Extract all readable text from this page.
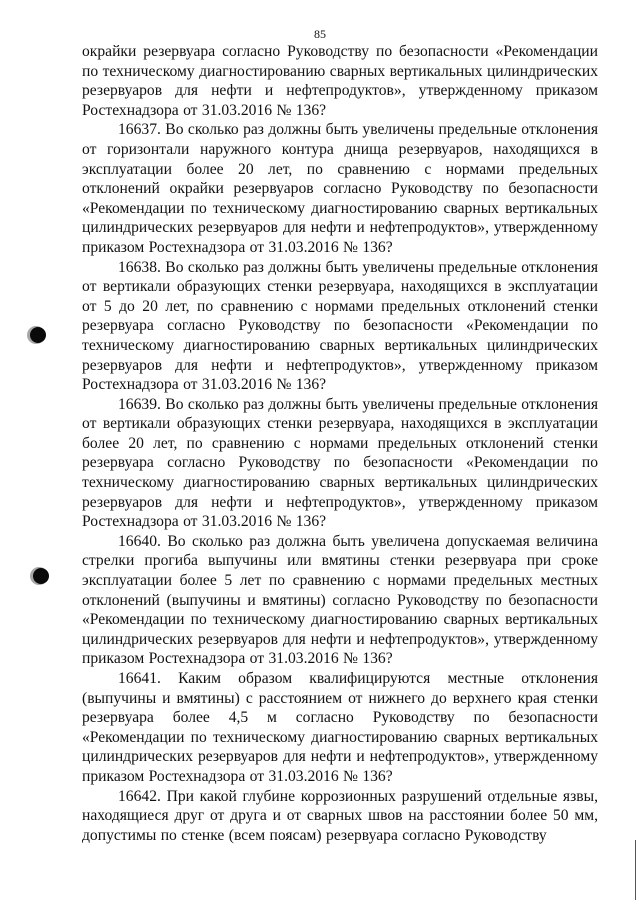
85

окрайки резервуара согласно Руководству по безопасности «Рекомендации по техническому диагностированию сварных вертикальных цилиндрических резервуаров для нефти и нефтепродуктов», утвержденному приказом Ростехнадзора от 31.03.2016 № 136?

16637. Во сколько раз должны быть увеличены предельные отклонения от горизонтали наружного контура днища резервуаров, находящихся в эксплуатации более 20 лет, по сравнению с нормами предельных отклонений окрайки резервуаров согласно Руководству по безопасности «Рекомендации по техническому диагностированию сварных вертикальных цилиндрических резервуаров для нефти и нефтепродуктов», утвержденному приказом Ростехнадзора от 31.03.2016 № 136?

16638. Во сколько раз должны быть увеличены предельные отклонения от вертикали образующих стенки резервуара, находящихся в эксплуатации от 5 до 20 лет, по сравнению с нормами предельных отклонений стенки резервуара согласно Руководству по безопасности «Рекомендации по техническому диагностированию сварных вертикальных цилиндрических резервуаров для нефти и нефтепродуктов», утвержденному приказом Ростехнадзора от 31.03.2016 № 136?

16639. Во сколько раз должны быть увеличены предельные отклонения от вертикали образующих стенки резервуара, находящихся в эксплуатации более 20 лет, по сравнению с нормами предельных отклонений стенки резервуара согласно Руководству по безопасности «Рекомендации по техническому диагностированию сварных вертикальных цилиндрических резервуаров для нефти и нефтепродуктов», утвержденному приказом Ростехнадзора от 31.03.2016 № 136?

16640. Во сколько раз должна быть увеличена допускаемая величина стрелки прогиба выпучины или вмятины стенки резервуара при сроке эксплуатации более 5 лет по сравнению с нормами предельных местных отклонений (выпучины и вмятины) согласно Руководству по безопасности «Рекомендации по техническому диагностированию сварных вертикальных цилиндрических резервуаров для нефти и нефтепродуктов», утвержденному приказом Ростехнадзора от 31.03.2016 № 136?

16641. Каким образом квалифицируются местные отклонения (выпучины и вмятины) с расстоянием от нижнего до верхнего края стенки резервуара более 4,5 м согласно Руководству по безопасности «Рекомендации по техническому диагностированию сварных вертикальных цилиндрических резервуаров для нефти и нефтепродуктов», утвержденному приказом Ростехнадзора от 31.03.2016 № 136?

16642. При какой глубине коррозионных разрушений отдельные язвы, находящиеся друг от друга и от сварных швов на расстоянии более 50 мм, допустимы по стенке (всем поясам) резервуара согласно Руководству
